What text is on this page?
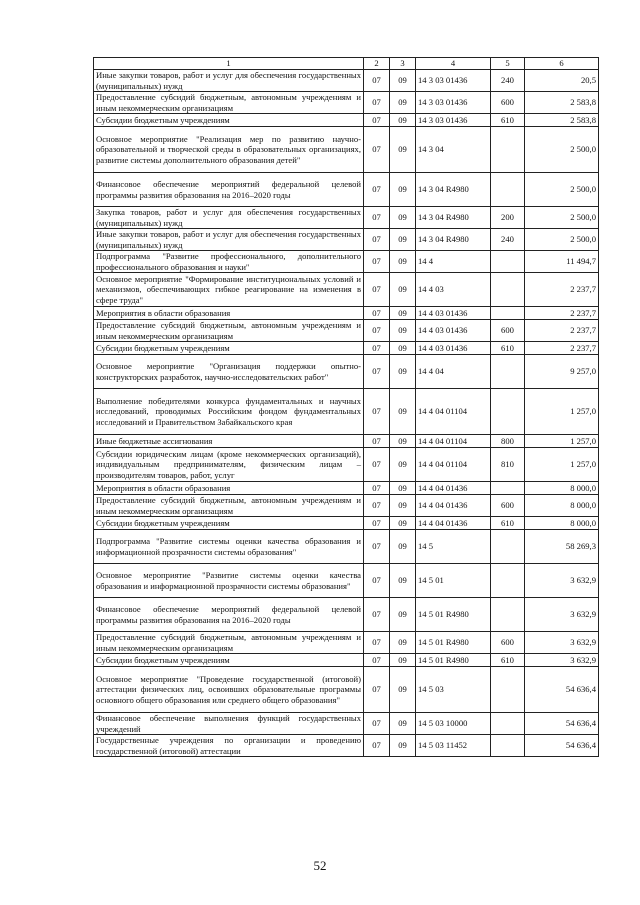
1	2	3	4	5	6
Иные закупки товаров, работ и услуг для обеспечения государственных (муниципальных) нужд	07	09	14 3 03 01436	240	20,5
Предоставление субсидий бюджетным, автономным учреждениям и иным некоммерческим организациям	07	09	14 3 03 01436	600	2 583,8
Субсидии бюджетным учреждениям	07	09	14 3 03 01436	610	2 583,8
Основное мероприятие "Реализация мер по развитию научно-образовательной и творческой среды в образовательных организациях, развитие системы дополнительного образования детей"	07	09	14 3 04		2 500,0
Финансовое обеспечение мероприятий федеральной целевой программы развития образования на 2016–2020 годы	07	09	14 3 04 R4980		2 500,0
Закупка товаров, работ и услуг для обеспечения государственных (муниципальных) нужд	07	09	14 3 04 R4980	200	2 500,0
Иные закупки товаров, работ и услуг для обеспечения государственных (муниципальных) нужд	07	09	14 3 04 R4980	240	2 500,0
Подпрограмма "Развитие профессионального, дополнительного профессионального образования и науки"	07	09	14 4		11 494,7
Основное мероприятие "Формирование институциональных условий и механизмов, обеспечивающих гибкое реагирование на изменения в сфере труда"	07	09	14 4 03		2 237,7
Мероприятия в области образования	07	09	14 4 03 01436		2 237,7
Предоставление субсидий бюджетным, автономным учреждениям и иным некоммерческим организациям	07	09	14 4 03 01436	600	2 237,7
Субсидии бюджетным учреждениям	07	09	14 4 03 01436	610	2 237,7
Основное мероприятие "Организация поддержки опытно-конструкторских разработок, научно-исследовательских работ"	07	09	14 4 04		9 257,0
Выполнение победителями конкурса фундаментальных и научных исследований, проводимых Российским фондом фундаментальных исследований и Правительством Забайкальского края	07	09	14 4 04 01104		1 257,0
Иные бюджетные ассигнования	07	09	14 4 04 01104	800	1 257,0
Субсидии юридическим лицам (кроме некоммерческих организаций), индивидуальным предпринимателям, физическим лицам – производителям товаров, работ, услуг	07	09	14 4 04 01104	810	1 257,0
Мероприятия в области образования	07	09	14 4 04 01436		8 000,0
Предоставление субсидий бюджетным, автономным учреждениям и иным некоммерческим организациям	07	09	14 4 04 01436	600	8 000,0
Субсидии бюджетным учреждениям	07	09	14 4 04 01436	610	8 000,0
Подпрограмма "Развитие системы оценки качества образования и информационной прозрачности системы образования"	07	09	14 5		58 269,3
Основное мероприятие "Развитие системы оценки качества образования и информационной прозрачности системы образования"	07	09	14 5 01		3 632,9
Финансовое обеспечение мероприятий федеральной целевой программы развития образования на 2016–2020 годы	07	09	14 5 01 R4980		3 632,9
Предоставление субсидий бюджетным, автономным учреждениям и иным некоммерческим организациям	07	09	14 5 01 R4980	600	3 632,9
Субсидии бюджетным учреждениям	07	09	14 5 01 R4980	610	3 632,9
Основное мероприятие "Проведение государственной (итоговой) аттестации физических лиц, освоивших образовательные программы основного общего образования или среднего общего образования"	07	09	14 5 03		54 636,4
Финансовое обеспечение выполнения функций государственных учреждений	07	09	14 5 03 10000		54 636,4
Государственные учреждения по организации и проведению государственной (итоговой) аттестации	07	09	14 5 03 11452		54 636,4
52
